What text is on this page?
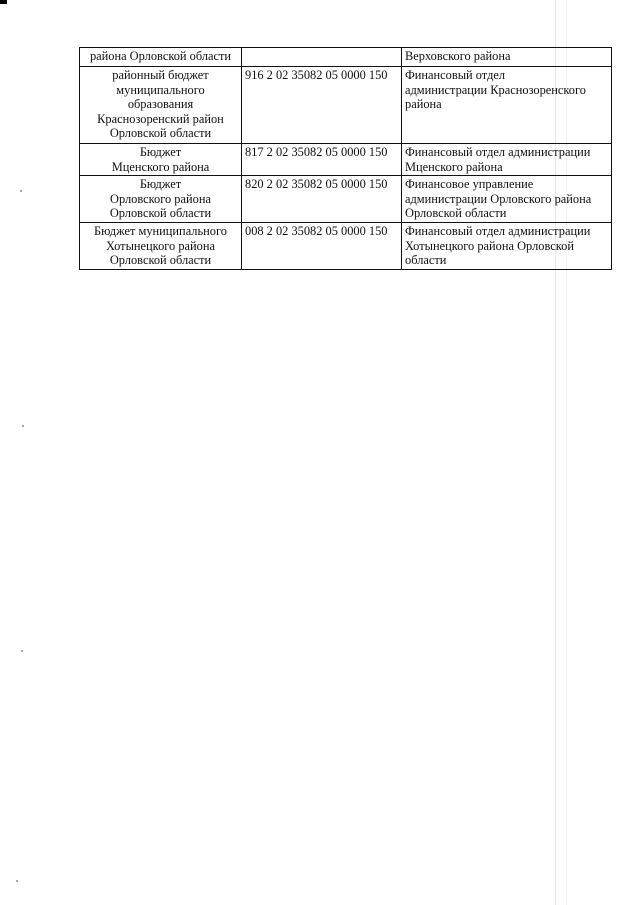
района Орловской области		Верховского района

районный бюджет
муниципального
образования
Краснозоренский район
Орловской области	916 2 02 35082 05 0000 150	Финансовый отдел
администрации Краснозоренского
района

Бюджет
Мценского района	817 2 02 35082 05 0000 150	Финансовый отдел администрации
Мценского района

Бюджет
Орловского района
Орловской области	820 2 02 35082 05 0000 150	Финансовое управление
администрации Орловского района
Орловской области

Бюджет муниципального
Хотынецкого района
Орловской области	008 2 02 35082 05 0000 150	Финансовый отдел администрации
Хотынецкого района Орловской
области
